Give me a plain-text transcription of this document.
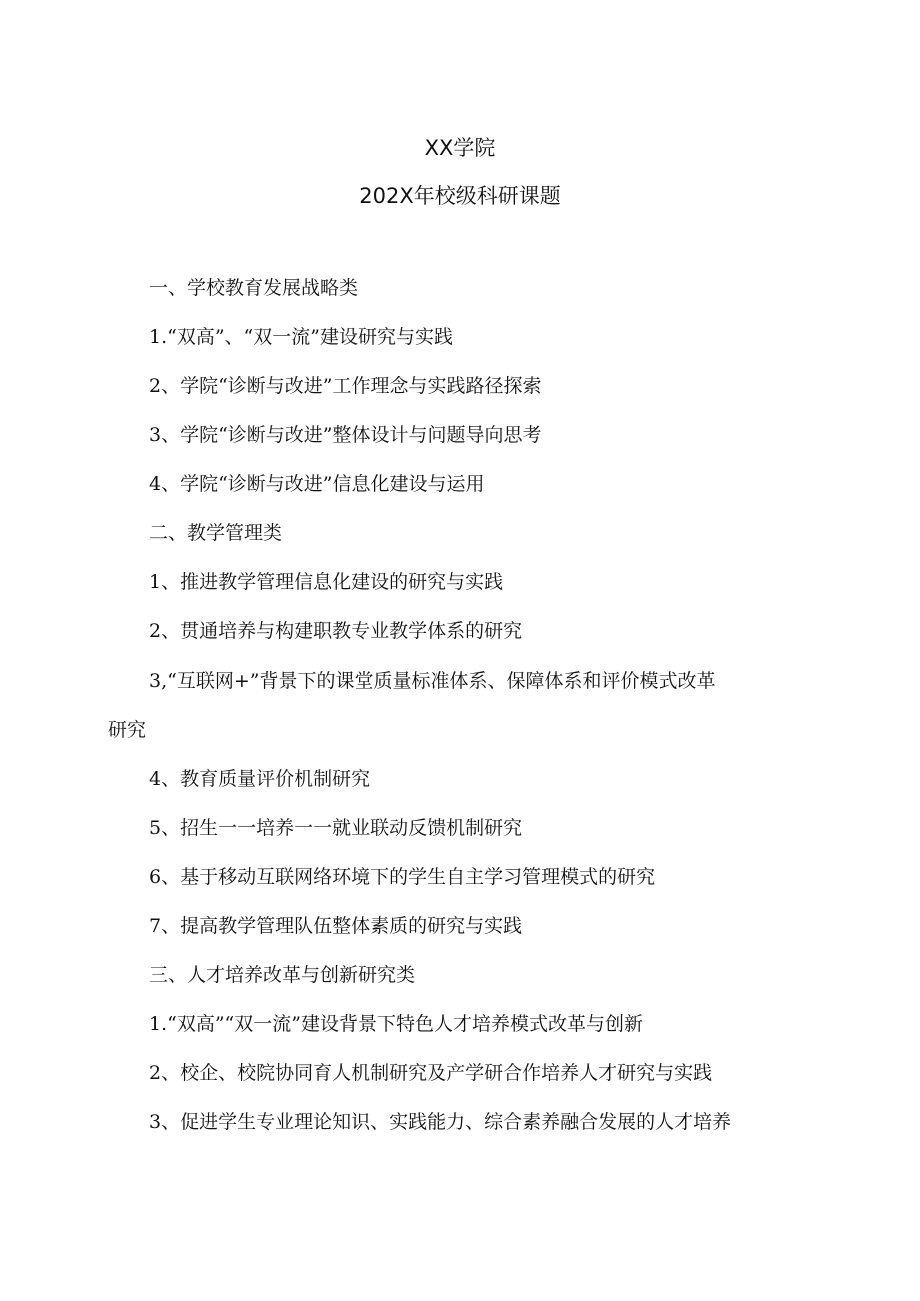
XX学院
202X年校级科研课题
一、学校教育发展战略类
1.“双高”、“双一流”建设研究与实践
2、学院“诊断与改进”工作理念与实践路径探索
3、学院“诊断与改进”整体设计与问题导向思考
4、学院“诊断与改进”信息化建设与运用
二、教学管理类
1、推进教学管理信息化建设的研究与实践
2、贯通培养与构建职教专业教学体系的研究
3,“互联网+”背景下的课堂质量标准体系、保障体系和评价模式改革
研究
4、教育质量评价机制研究
5、招生一一培养一一就业联动反馈机制研究
6、基于移动互联网络环境下的学生自主学习管理模式的研究
7、提高教学管理队伍整体素质的研究与实践
三、人才培养改革与创新研究类
1.“双高”“双一流”建设背景下特色人才培养模式改革与创新
2、校企、校院协同育人机制研究及产学研合作培养人才研究与实践
3、促进学生专业理论知识、实践能力、综合素养融合发展的人才培养
